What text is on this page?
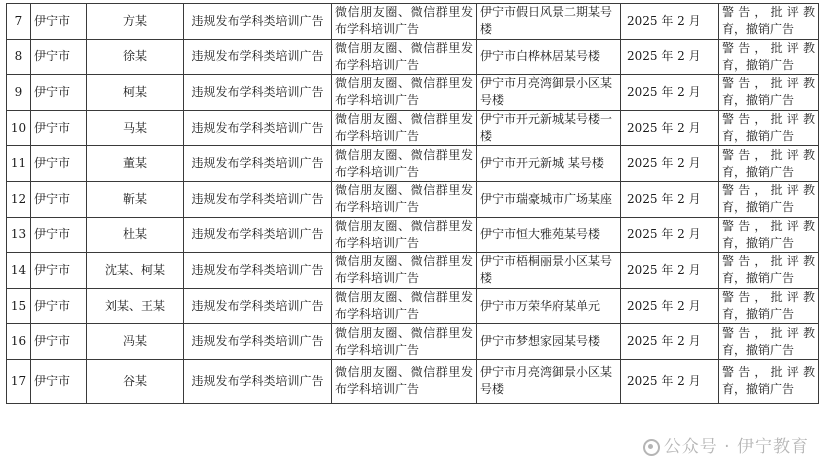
7	伊宁市	方某	违规发布学科类培训广告	微信朋友圈、微信群里发布学科培训广告	伊宁市假日风景二期某号楼	2025 年 2 月	警 告 ， 批 评 教育，撤销广告
8	伊宁市	徐某	违规发布学科类培训广告	微信朋友圈、微信群里发布学科培训广告	伊宁市白桦林居某号楼	2025 年 2 月	警 告 ， 批 评 教育，撤销广告
9	伊宁市	柯某	违规发布学科类培训广告	微信朋友圈、微信群里发布学科培训广告	伊宁市月亮湾御景小区某号楼	2025 年 2 月	警 告 ， 批 评 教育，撤销广告
10	伊宁市	马某	违规发布学科类培训广告	微信朋友圈、微信群里发布学科培训广告	伊宁市开元新城某号楼一楼	2025 年 2 月	警 告 ， 批 评 教育，撤销广告
11	伊宁市	董某	违规发布学科类培训广告	微信朋友圈、微信群里发布学科培训广告	伊宁市开元新城 某号楼	2025 年 2 月	警 告 ， 批 评 教育，撤销广告
12	伊宁市	靳某	违规发布学科类培训广告	微信朋友圈、微信群里发布学科培训广告	伊宁市瑞豪城市广场某座	2025 年 2 月	警 告 ， 批 评 教育，撤销广告
13	伊宁市	杜某	违规发布学科类培训广告	微信朋友圈、微信群里发布学科培训广告	伊宁市恒大雅苑某号楼	2025 年 2 月	警 告 ， 批 评 教育，撤销广告
14	伊宁市	沈某、柯某	违规发布学科类培训广告	微信朋友圈、微信群里发布学科培训广告	伊宁市梧桐丽景小区某号楼	2025 年 2 月	警 告 ， 批 评 教育，撤销广告
15	伊宁市	刘某、王某	违规发布学科类培训广告	微信朋友圈、微信群里发布学科培训广告	伊宁市万荣华府某单元	2025 年 2 月	警 告 ， 批 评 教育，撤销广告
16	伊宁市	冯某	违规发布学科类培训广告	微信朋友圈、微信群里发布学科培训广告	伊宁市梦想家园某号楼	2025 年 2 月	警 告 ， 批 评 教育，撤销广告
17	伊宁市	谷某	违规发布学科类培训广告	微信朋友圈、微信群里发布学科培训广告	伊宁市月亮湾御景小区某号楼	2025 年 2 月	警 告 ， 批 评 教育，撤销广告
公众号 · 伊宁教育
